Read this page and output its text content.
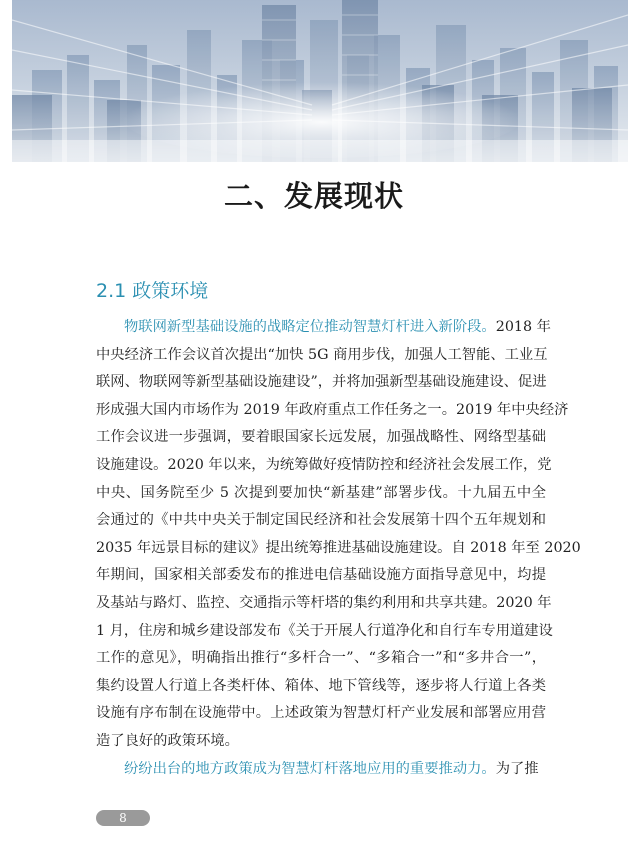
二、发展现状
2.1 政策环境
物联网新型基础设施的战略定位推动智慧灯杆进入新阶段。2018 年
中央经济工作会议首次提出“加快 5G 商用步伐，加强人工智能、工业互
联网、物联网等新型基础设施建设”，并将加强新型基础设施建设、促进
形成强大国内市场作为 2019 年政府重点工作任务之一。2019 年中央经济
工作会议进一步强调，要着眼国家长远发展，加强战略性、网络型基础
设施建设。2020 年以来，为统筹做好疫情防控和经济社会发展工作，党
中央、国务院至少 5 次提到要加快“新基建”部署步伐。十九届五中全
会通过的《中共中央关于制定国民经济和社会发展第十四个五年规划和
2035 年远景目标的建议》提出统筹推进基础设施建设。自 2018 年至 2020
年期间，国家相关部委发布的推进电信基础设施方面指导意见中，均提
及基站与路灯、监控、交通指示等杆塔的集约利用和共享共建。2020 年
1 月，住房和城乡建设部发布《关于开展人行道净化和自行车专用道建设
工作的意见》，明确指出推行“多杆合一”、“多箱合一”和“多井合一”，
集约设置人行道上各类杆体、箱体、地下管线等，逐步将人行道上各类
设施有序布制在设施带中。上述政策为智慧灯杆产业发展和部署应用营
造了良好的政策环境。
纷纷出台的地方政策成为智慧灯杆落地应用的重要推动力。为了推
8
